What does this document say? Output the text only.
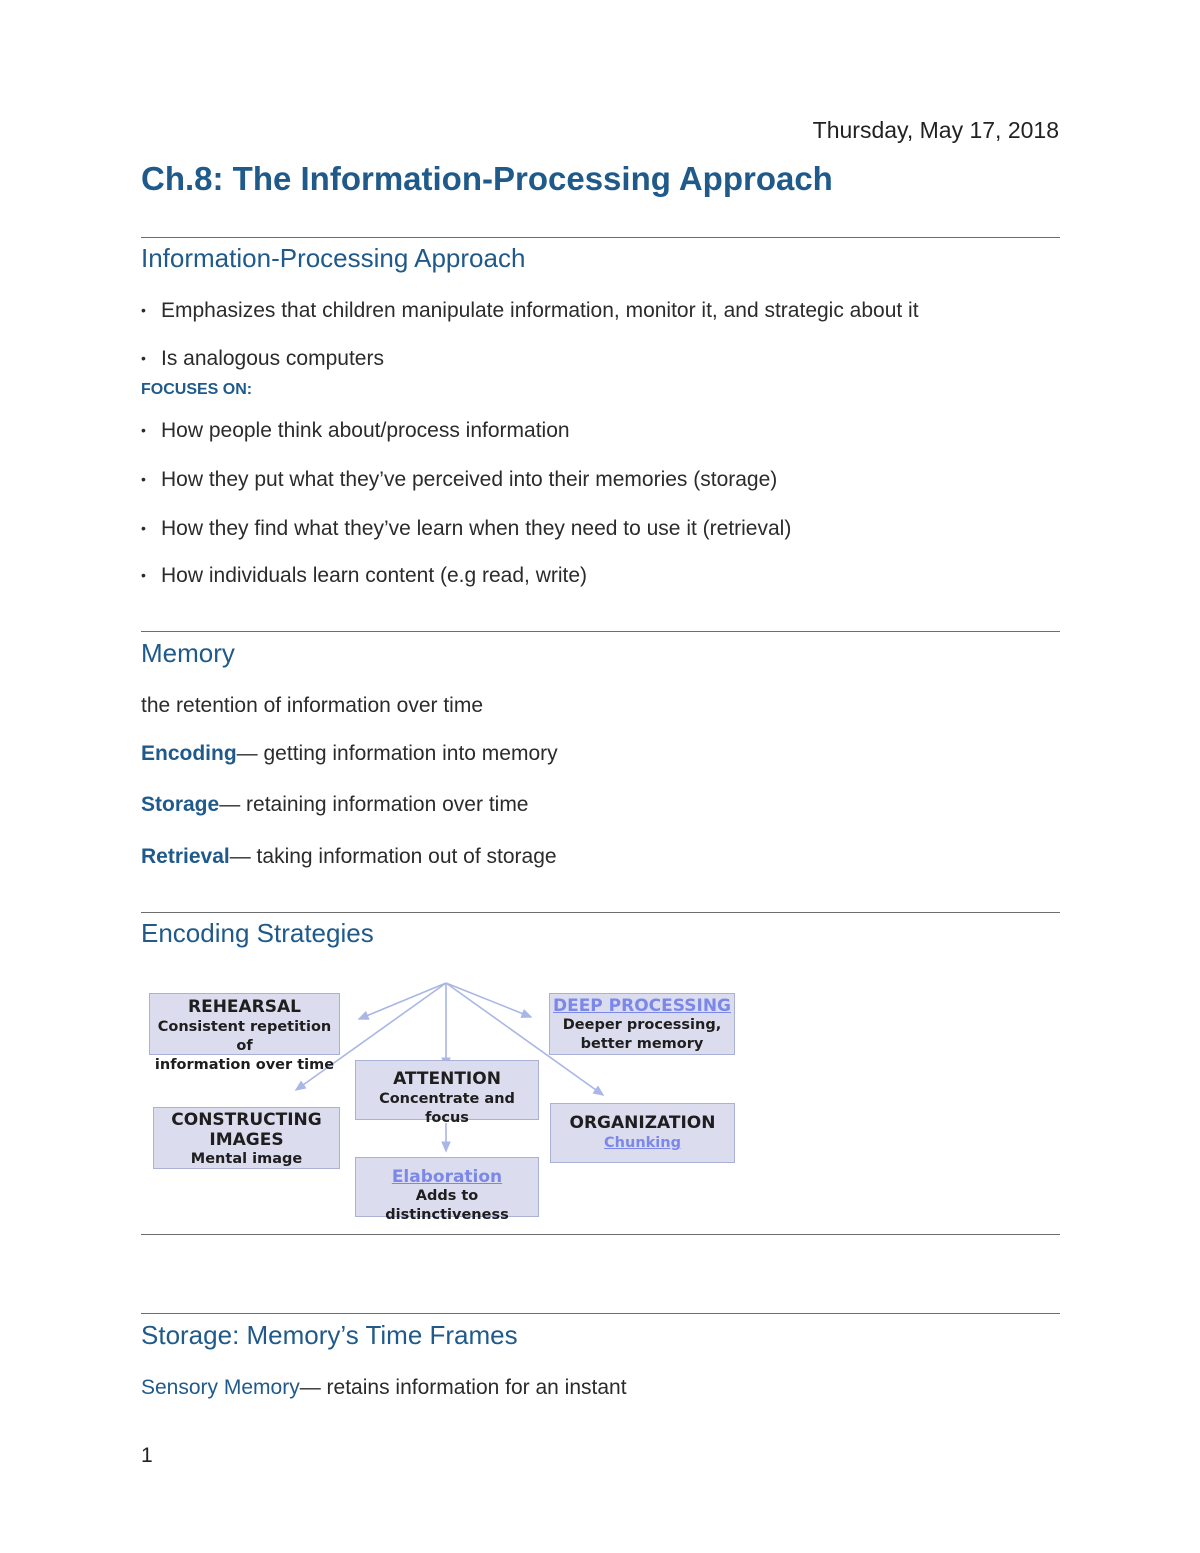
Thursday, May 17, 2018
Ch.8: The Information-Processing Approach
Information-Processing Approach
• Emphasizes that children manipulate information, monitor it, and strategic about it
• Is analogous computers
FOCUSES ON:
• How people think about/process information
• How they put what they’ve perceived into their memories (storage)
• How they find what they’ve learn when they need to use it (retrieval)
• How individuals learn content (e.g read, write)
Memory
the retention of information over time
Encoding— getting information into memory
Storage— retaining information over time
Retrieval— taking information out of storage
Encoding Strategies
REHEARSAL
Consistent repetition of
information over time
DEEP PROCESSING
Deeper processing,
better memory
ATTENTION
Concentrate and focus
CONSTRUCTING
IMAGES
Mental image
ORGANIZATION
Chunking
Elaboration
Adds to distinctiveness
Storage: Memory’s Time Frames
Sensory Memory— retains information for an instant
1
